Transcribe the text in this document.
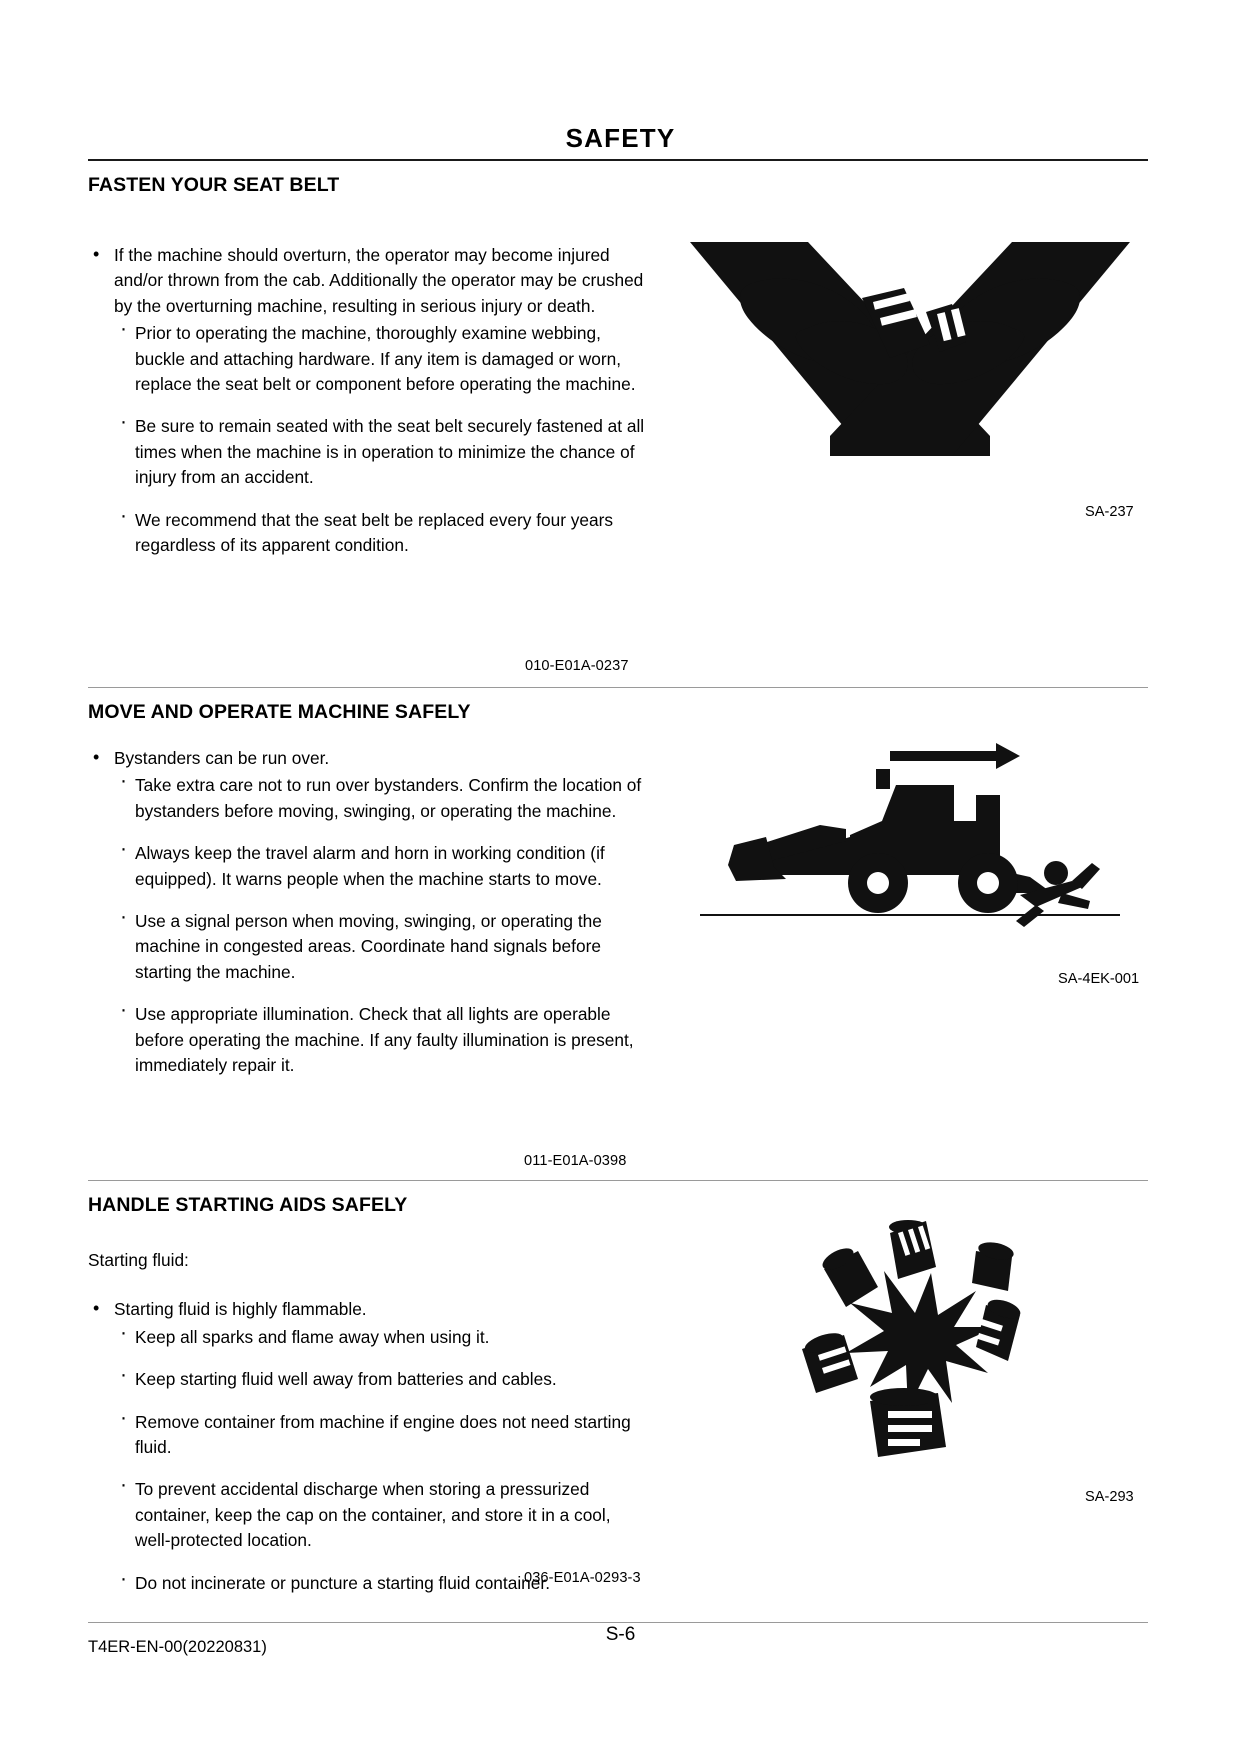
SAFETY
FASTEN YOUR SEAT BELT
• If the machine should overturn, the operator may become injured and/or thrown from the cab. Additionally the operator may be crushed by the overturning machine, resulting in serious injury or death.
· Prior to operating the machine, thoroughly examine webbing, buckle and attaching hardware. If any item is damaged or worn, replace the seat belt or component before operating the machine.
· Be sure to remain seated with the seat belt securely fastened at all times when the machine is in operation to minimize the chance of injury from an accident.
· We recommend that the seat belt be replaced every four years regardless of its apparent condition.
SA-237
010-E01A-0237
MOVE AND OPERATE MACHINE SAFELY
• Bystanders can be run over.
· Take extra care not to run over bystanders. Confirm the location of bystanders before moving, swinging, or operating the machine.
· Always keep the travel alarm and horn in working condition (if equipped). It warns people when the machine starts to move.
· Use a signal person when moving, swinging, or operating the machine in congested areas. Coordinate hand signals before starting the machine.
· Use appropriate illumination. Check that all lights are operable before operating the machine. If any faulty illumination is present, immediately repair it.
SA-4EK-001
011-E01A-0398
HANDLE STARTING AIDS SAFELY
Starting fluid:
• Starting fluid is highly flammable.
· Keep all sparks and flame away when using it.
· Keep starting fluid well away from batteries and cables.
· Remove container from machine if engine does not need starting fluid.
· To prevent accidental discharge when storing a pressurized container, keep the cap on the container, and store it in a cool, well-protected location.
· Do not incinerate or puncture a starting fluid container.
SA-293
036-E01A-0293-3
T4ER-EN-00(20220831)
S-6
